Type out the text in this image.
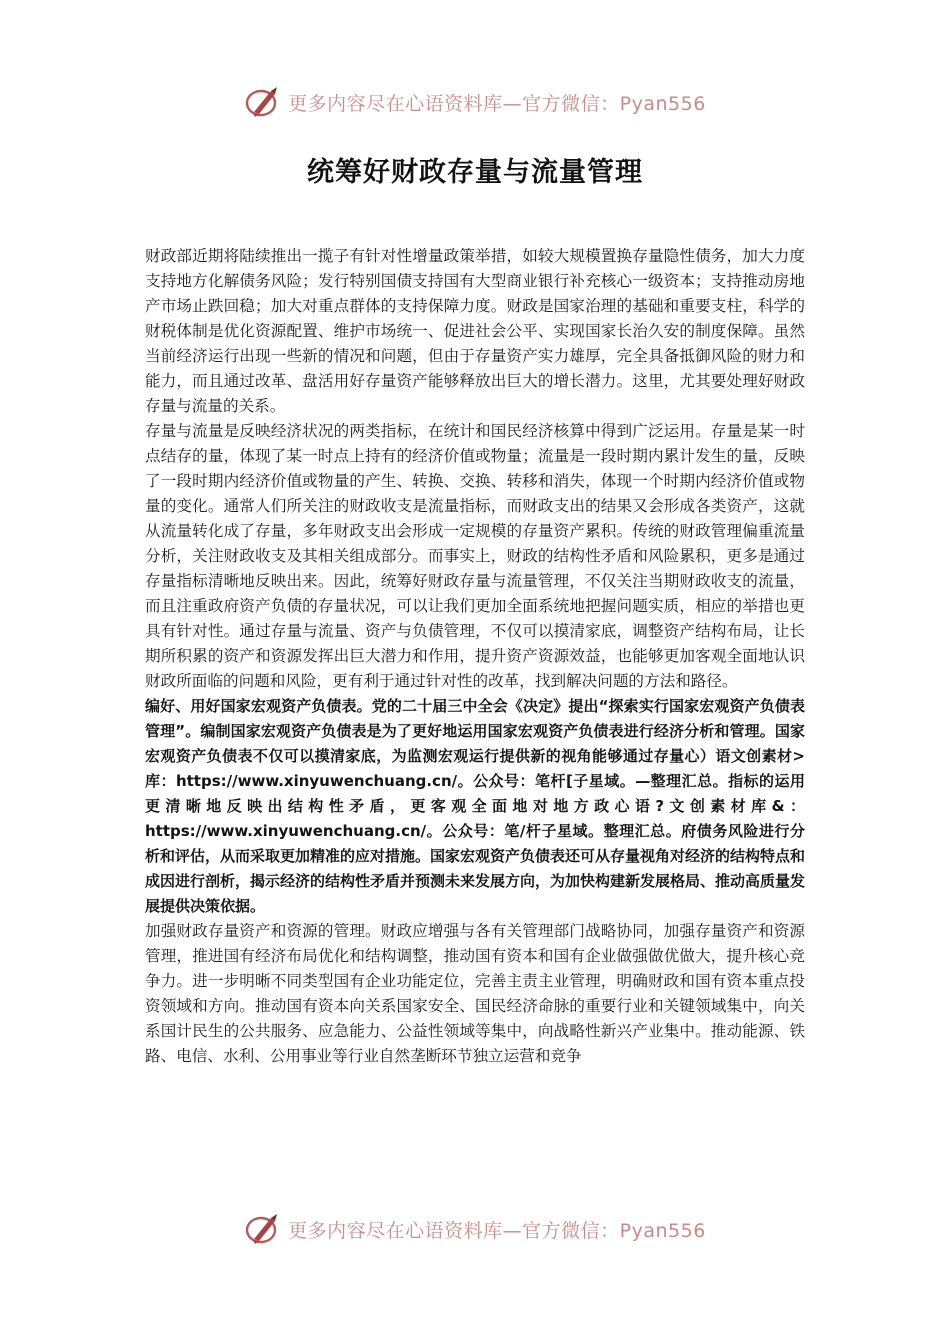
更多内容尽在心语资料库—官方微信：Pyan556
统筹好财政存量与流量管理

财政部近期将陆续推出一揽子有针对性增量政策举措，如较大规模置换存量隐性债务，加大力度支持地方化解债务风险；发行特别国债支持国有大型商业银行补充核心一级资本；支持推动房地产市场止跌回稳；加大对重点群体的支持保障力度。财政是国家治理的基础和重要支柱，科学的财税体制是优化资源配置、维护市场统一、促进社会公平、实现国家长治久安的制度保障。虽然当前经济运行出现一些新的情况和问题，但由于存量资产实力雄厚，完全具备抵御风险的财力和能力，而且通过改革、盘活用好存量资产能够释放出巨大的增长潜力。这里，尤其要处理好财政存量与流量的关系。

存量与流量是反映经济状况的两类指标，在统计和国民经济核算中得到广泛运用。存量是某一时点结存的量，体现了某一时点上持有的经济价值或物量；流量是一段时期内累计发生的量，反映了一段时期内经济价值或物量的产生、转换、交换、转移和消失，体现一个时期内经济价值或物量的变化。通常人们所关注的财政收支是流量指标，而财政支出的结果又会形成各类资产，这就从流量转化成了存量，多年财政支出会形成一定规模的存量资产累积。传统的财政管理偏重流量分析，关注财政收支及其相关组成部分。而事实上，财政的结构性矛盾和风险累积，更多是通过存量指标清晰地反映出来。因此，统筹好财政存量与流量管理，不仅关注当期财政收支的流量，而且注重政府资产负债的存量状况，可以让我们更加全面系统地把握问题实质，相应的举措也更具有针对性。通过存量与流量、资产与负债管理，不仅可以摸清家底，调整资产结构布局，让长期所积累的资产和资源发挥出巨大潜力和作用，提升资产资源效益，也能够更加客观全面地认识财政所面临的问题和风险，更有利于通过针对性的改革，找到解决问题的方法和路径。

编好、用好国家宏观资产负债表。党的二十届三中全会《决定》提出“探索实行国家宏观资产负债表管理”。编制国家宏观资产负债表是为了更好地运用国家宏观资产负债表进行经济分析和管理。国家宏观资产负债表不仅可以摸清家底，为监测宏观运行提供新的视角能够通过存量心）语文创素材>库：https://www.xinyuwenchuang.cn/。公众号：笔杆[子星域。—整理汇总。指标的运用更清晰地反映出结构性矛盾，更客观全面地对地方政心语?文创素材库&：https://www.xinyuwenchuang.cn/。公众号：笔/杆子星域。整理汇总。府债务风险进行分析和评估，从而采取更加精准的应对措施。国家宏观资产负债表还可从存量视角对经济的结构特点和成因进行剖析，揭示经济的结构性矛盾并预测未来发展方向，为加快构建新发展格局、推动高质量发展提供决策依据。

加强财政存量资产和资源的管理。财政应增强与各有关管理部门战略协同，加强存量资产和资源管理，推进国有经济布局优化和结构调整，推动国有资本和国有企业做强做优做大，提升核心竞争力。进一步明晰不同类型国有企业功能定位，完善主责主业管理，明确财政和国有资本重点投资领域和方向。推动国有资本向关系国家安全、国民经济命脉的重要行业和关键领域集中，向关系国计民生的公共服务、应急能力、公益性领域等集中，向战略性新兴产业集中。推动能源、铁路、电信、水利、公用事业等行业自然垄断环节独立运营和竞争

更多内容尽在心语资料库—官方微信：Pyan556
